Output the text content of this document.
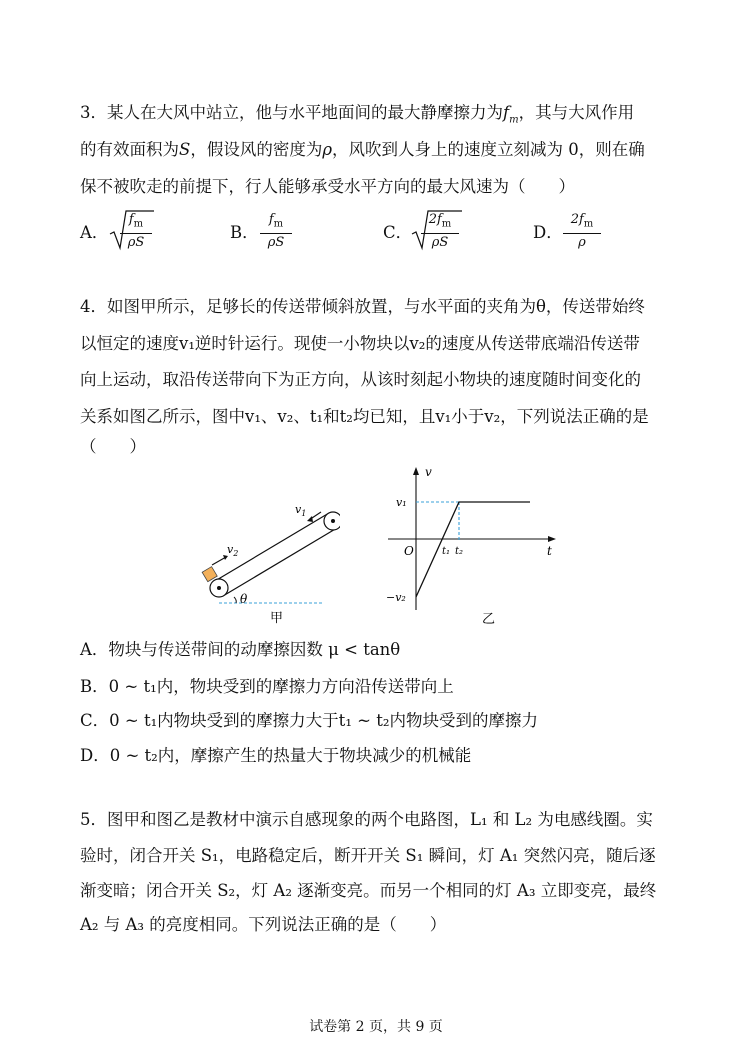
3．某人在大风中站立，他与水平地面间的最大静摩擦力为$f_m$，其与大风作用
的有效面积为S，假设风的密度为ρ，风吹到人身上的速度立刻减为 0，则在确
保不被吹走的前提下，行人能够承受水平方向的最大风速为（　　）
A． $\frac{f_m}{\rho S}$	B． $\frac{f_m}{\rho S}$	C． $\frac{2f_m}{\rho S}$	D． $\frac{2f_m}{\rho}$
4．如图甲所示，足够长的传送带倾斜放置，与水平面的夹角为θ，传送带始终
以恒定的速度v₁逆时针运行。现使一小物块以v₂的速度从传送带底端沿传送带
向上运动，取沿传送带向下为正方向，从该时刻起小物块的速度随时间变化的
关系如图乙所示，图中v₁、v₂、t₁和t₂均已知，且v₁小于v₂，下列说法正确的是
（　　）
$v_1$
$v_2$
θ
甲
v
t
O
v₁
−v₂
t₁ t₂
乙
A．物块与传送带间的动摩擦因数 μ < tanθ
B．0 ~ t₁内，物块受到的摩擦力方向沿传送带向上
C．0 ~ t₁内物块受到的摩擦力大于t₁ ~ t₂内物块受到的摩擦力
D．0 ~ t₂内，摩擦产生的热量大于物块减少的机械能
5．图甲和图乙是教材中演示自感现象的两个电路图，L₁ 和 L₂ 为电感线圈。实
验时，闭合开关 S₁，电路稳定后，断开开关 S₁ 瞬间，灯 A₁ 突然闪亮，随后逐
渐变暗；闭合开关 S₂，灯 A₂ 逐渐变亮。而另一个相同的灯 A₃ 立即变亮，最终
A₂ 与 A₃ 的亮度相同。下列说法正确的是（　　）
试卷第 2 页，共 9 页
